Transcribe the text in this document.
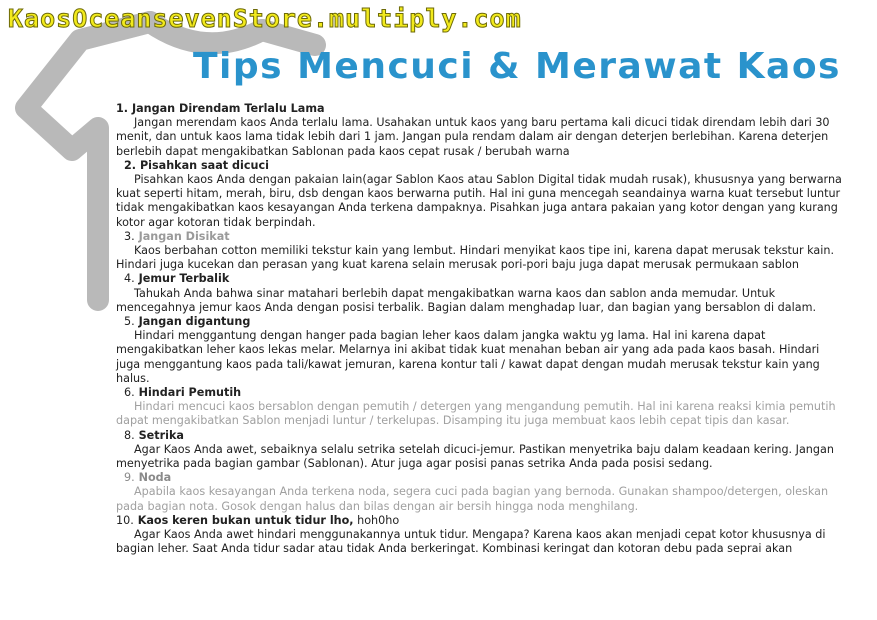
KaosOceansevenStore.multiply.com
Tips Mencuci & Merawat Kaos
1. Jangan Direndam Terlalu Lama
Jangan merendam kaos Anda terlalu lama. Usahakan untuk kaos yang baru pertama kali dicuci tidak direndam lebih dari 30 menit, dan untuk kaos lama tidak lebih dari 1 jam. Jangan pula rendam dalam air dengan deterjen berlebihan. Karena deterjen berlebih dapat mengakibatkan Sablonan pada kaos cepat rusak / berubah warna
2. Pisahkan saat dicuci
Pisahkan kaos Anda dengan pakaian lain(agar Sablon Kaos atau Sablon Digital tidak mudah rusak), khususnya yang berwarna kuat seperti hitam, merah, biru, dsb dengan kaos berwarna putih. Hal ini guna mencegah seandainya warna kuat tersebut luntur tidak mengakibatkan kaos kesayangan Anda terkena dampaknya. Pisahkan juga antara pakaian yang kotor dengan yang kurang kotor agar kotoran tidak berpindah.
3. Jangan Disikat
Kaos berbahan cotton memiliki tekstur kain yang lembut. Hindari menyikat kaos tipe ini, karena dapat merusak tekstur kain. Hindari juga kucekan dan perasan yang kuat karena selain merusak pori-pori baju juga dapat merusak permukaan sablon
4. Jemur Terbalik
Tahukah Anda bahwa sinar matahari berlebih dapat mengakibatkan warna kaos dan sablon anda memudar. Untuk mencegahnya jemur kaos Anda dengan posisi terbalik. Bagian dalam menghadap luar, dan bagian yang bersablon di dalam.
5. Jangan digantung
Hindari menggantung dengan hanger pada bagian leher kaos dalam jangka waktu yg lama. Hal ini karena dapat mengakibatkan leher kaos lekas melar. Melarnya ini akibat tidak kuat menahan beban air yang ada pada kaos basah. Hindari juga menggantung kaos pada tali/kawat jemuran, karena kontur tali / kawat dapat dengan mudah merusak tekstur kain yang halus.
6. Hindari Pemutih
Hindari mencuci kaos bersablon dengan pemutih / detergen yang mengandung pemutih. Hal ini karena reaksi kimia pemutih dapat mengakibatkan Sablon menjadi luntur / terkelupas. Disamping itu juga membuat kaos lebih cepat tipis dan kasar.
8. Setrika
Agar Kaos Anda awet, sebaiknya selalu setrika setelah dicuci-jemur. Pastikan menyetrika baju dalam keadaan kering. Jangan menyetrika pada bagian gambar (Sablonan). Atur juga agar posisi panas setrika Anda pada posisi sedang.
9. Noda
Apabila kaos kesayangan Anda terkena noda, segera cuci pada bagian yang bernoda. Gunakan shampoo/detergen, oleskan pada bagian nota. Gosok dengan halus dan bilas dengan air bersih hingga noda menghilang.
10. Kaos keren bukan untuk tidur lho, hoh0ho
Agar Kaos Anda awet hindari menggunakannya untuk tidur. Mengapa? Karena kaos akan menjadi cepat kotor khususnya di bagian leher. Saat Anda tidur sadar atau tidak Anda berkeringat. Kombinasi keringat dan kotoran debu pada seprai akan
